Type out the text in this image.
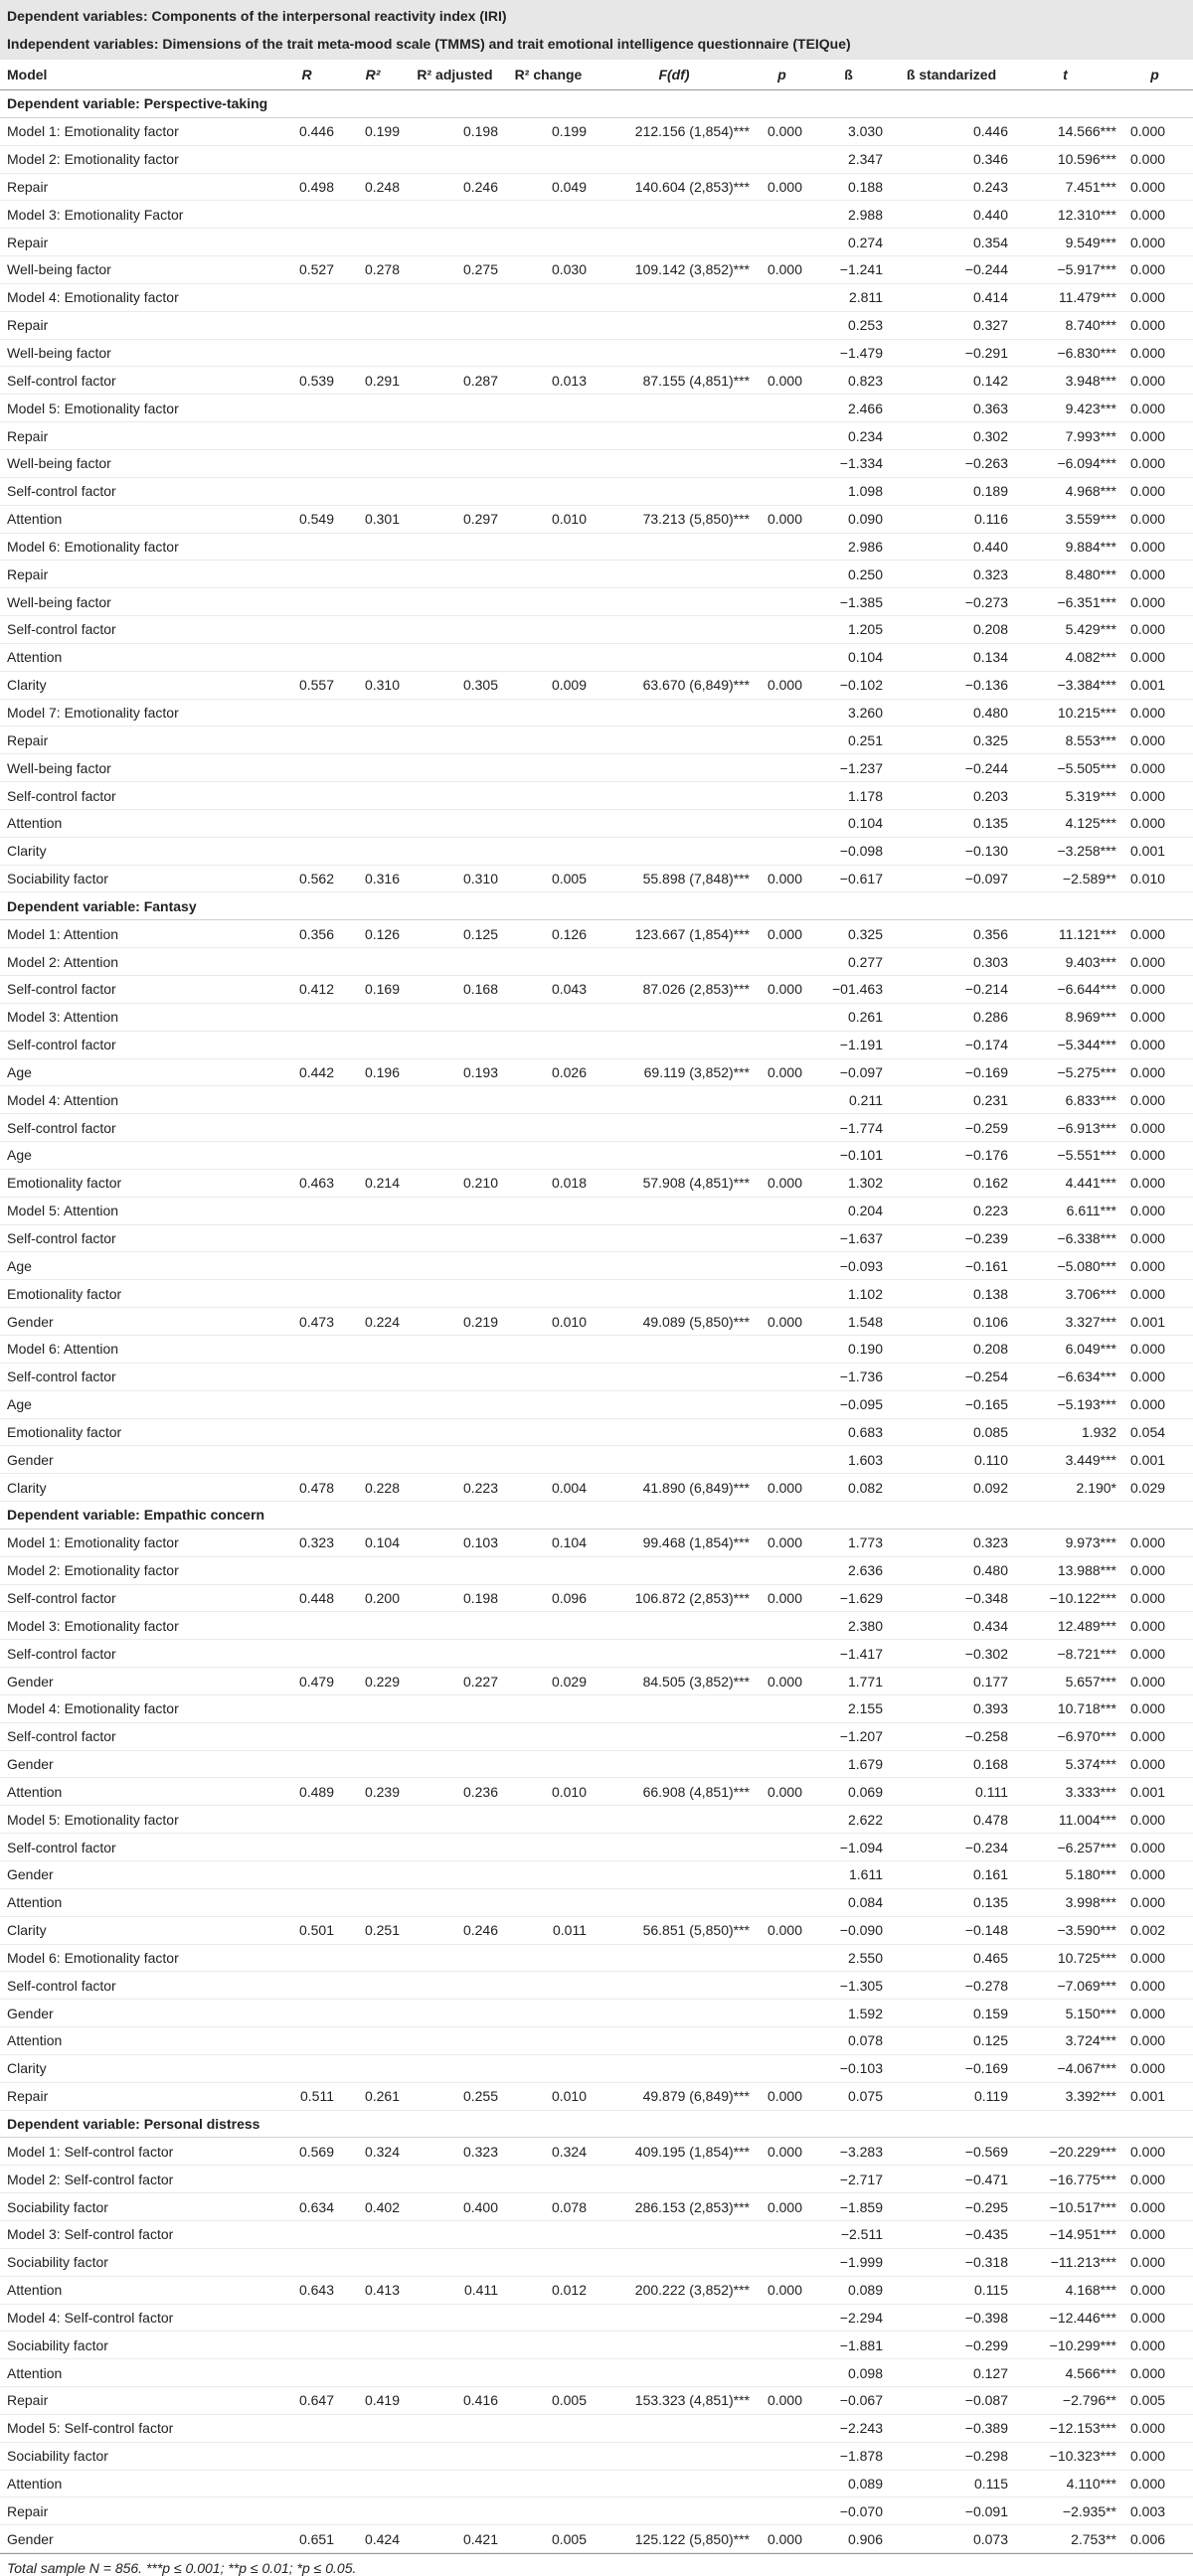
Dependent variables: Components of the interpersonal reactivity index (IRI)
Independent variables: Dimensions of the trait meta-mood scale (TMMS) and trait emotional intelligence questionnaire (TEIQue)
Model	R	R²	R² adjusted	R² change	F(df)	p	ß	ß standarized	t	p
Dependent variable: Perspective-taking										
Model 1: Emotionality factor	0.446	0.199	0.198	0.199	212.156 (1,854)***	0.000	3.030	0.446	14.566***	0.000
Model 2: Emotionality factor							2.347	0.346	10.596***	0.000
Repair	0.498	0.248	0.246	0.049	140.604 (2,853)***	0.000	0.188	0.243	7.451***	0.000
Model 3: Emotionality Factor							2.988	0.440	12.310***	0.000
Repair							0.274	0.354	9.549***	0.000
Well-being factor	0.527	0.278	0.275	0.030	109.142 (3,852)***	0.000	−1.241	−0.244	−5.917***	0.000
Model 4: Emotionality factor							2.811	0.414	11.479***	0.000
Repair							0.253	0.327	8.740***	0.000
Well-being factor							−1.479	−0.291	−6.830***	0.000
Self-control factor	0.539	0.291	0.287	0.013	87.155 (4,851)***	0.000	0.823	0.142	3.948***	0.000
Model 5: Emotionality factor							2.466	0.363	9.423***	0.000
Repair							0.234	0.302	7.993***	0.000
Well-being factor							−1.334	−0.263	−6.094***	0.000
Self-control factor							1.098	0.189	4.968***	0.000
Attention	0.549	0.301	0.297	0.010	73.213 (5,850)***	0.000	0.090	0.116	3.559***	0.000
Model 6: Emotionality factor							2.986	0.440	9.884***	0.000
Repair							0.250	0.323	8.480***	0.000
Well-being factor							−1.385	−0.273	−6.351***	0.000
Self-control factor							1.205	0.208	5.429***	0.000
Attention							0.104	0.134	4.082***	0.000
Clarity	0.557	0.310	0.305	0.009	63.670 (6,849)***	0.000	−0.102	−0.136	−3.384***	0.001
Model 7: Emotionality factor							3.260	0.480	10.215***	0.000
Repair							0.251	0.325	8.553***	0.000
Well-being factor							−1.237	−0.244	−5.505***	0.000
Self-control factor							1.178	0.203	5.319***	0.000
Attention							0.104	0.135	4.125***	0.000
Clarity							−0.098	−0.130	−3.258***	0.001
Sociability factor	0.562	0.316	0.310	0.005	55.898 (7,848)***	0.000	−0.617	−0.097	−2.589**	0.010
Dependent variable: Fantasy										
Model 1: Attention	0.356	0.126	0.125	0.126	123.667 (1,854)***	0.000	0.325	0.356	11.121***	0.000
Model 2: Attention							0.277	0.303	9.403***	0.000
Self-control factor	0.412	0.169	0.168	0.043	87.026 (2,853)***	0.000	−01.463	−0.214	−6.644***	0.000
Model 3: Attention							0.261	0.286	8.969***	0.000
Self-control factor							−1.191	−0.174	−5.344***	0.000
Age	0.442	0.196	0.193	0.026	69.119 (3,852)***	0.000	−0.097	−0.169	−5.275***	0.000
Model 4: Attention							0.211	0.231	6.833***	0.000
Self-control factor							−1.774	−0.259	−6.913***	0.000
Age							−0.101	−0.176	−5.551***	0.000
Emotionality factor	0.463	0.214	0.210	0.018	57.908 (4,851)***	0.000	1.302	0.162	4.441***	0.000
Model 5: Attention							0.204	0.223	6.611***	0.000
Self-control factor							−1.637	−0.239	−6.338***	0.000
Age							−0.093	−0.161	−5.080***	0.000
Emotionality factor							1.102	0.138	3.706***	0.000
Gender	0.473	0.224	0.219	0.010	49.089 (5,850)***	0.000	1.548	0.106	3.327***	0.001
Model 6: Attention							0.190	0.208	6.049***	0.000
Self-control factor							−1.736	−0.254	−6.634***	0.000
Age							−0.095	−0.165	−5.193***	0.000
Emotionality factor							0.683	0.085	1.932	0.054
Gender							1.603	0.110	3.449***	0.001
Clarity	0.478	0.228	0.223	0.004	41.890 (6,849)***	0.000	0.082	0.092	2.190*	0.029
Dependent variable: Empathic concern										
Model 1: Emotionality factor	0.323	0.104	0.103	0.104	99.468 (1,854)***	0.000	1.773	0.323	9.973***	0.000
Model 2: Emotionality factor							2.636	0.480	13.988***	0.000
Self-control factor	0.448	0.200	0.198	0.096	106.872 (2,853)***	0.000	−1.629	−0.348	−10.122***	0.000
Model 3: Emotionality factor							2.380	0.434	12.489***	0.000
Self-control factor							−1.417	−0.302	−8.721***	0.000
Gender	0.479	0.229	0.227	0.029	84.505 (3,852)***	0.000	1.771	0.177	5.657***	0.000
Model 4: Emotionality factor							2.155	0.393	10.718***	0.000
Self-control factor							−1.207	−0.258	−6.970***	0.000
Gender							1.679	0.168	5.374***	0.000
Attention	0.489	0.239	0.236	0.010	66.908 (4,851)***	0.000	0.069	0.111	3.333***	0.001
Model 5: Emotionality factor							2.622	0.478	11.004***	0.000
Self-control factor							−1.094	−0.234	−6.257***	0.000
Gender							1.611	0.161	5.180***	0.000
Attention							0.084	0.135	3.998***	0.000
Clarity	0.501	0.251	0.246	0.011	56.851 (5,850)***	0.000	−0.090	−0.148	−3.590***	0.002
Model 6: Emotionality factor							2.550	0.465	10.725***	0.000
Self-control factor							−1.305	−0.278	−7.069***	0.000
Gender							1.592	0.159	5.150***	0.000
Attention							0.078	0.125	3.724***	0.000
Clarity							−0.103	−0.169	−4.067***	0.000
Repair	0.511	0.261	0.255	0.010	49.879 (6,849)***	0.000	0.075	0.119	3.392***	0.001
Dependent variable: Personal distress										
Model 1: Self-control factor	0.569	0.324	0.323	0.324	409.195 (1,854)***	0.000	−3.283	−0.569	−20.229***	0.000
Model 2: Self-control factor							−2.717	−0.471	−16.775***	0.000
Sociability factor	0.634	0.402	0.400	0.078	286.153 (2,853)***	0.000	−1.859	−0.295	−10.517***	0.000
Model 3: Self-control factor							−2.511	−0.435	−14.951***	0.000
Sociability factor							−1.999	−0.318	−11.213***	0.000
Attention	0.643	0.413	0.411	0.012	200.222 (3,852)***	0.000	0.089	0.115	4.168***	0.000
Model 4: Self-control factor							−2.294	−0.398	−12.446***	0.000
Sociability factor							−1.881	−0.299	−10.299***	0.000
Attention							0.098	0.127	4.566***	0.000
Repair	0.647	0.419	0.416	0.005	153.323 (4,851)***	0.000	−0.067	−0.087	−2.796**	0.005
Model 5: Self-control factor							−2.243	−0.389	−12.153***	0.000
Sociability factor							−1.878	−0.298	−10.323***	0.000
Attention							0.089	0.115	4.110***	0.000
Repair							−0.070	−0.091	−2.935**	0.003
Gender	0.651	0.424	0.421	0.005	125.122 (5,850)***	0.000	0.906	0.073	2.753**	0.006
Total sample N = 856. ***p ≤ 0.001; **p ≤ 0.01; *p ≤ 0.05.
